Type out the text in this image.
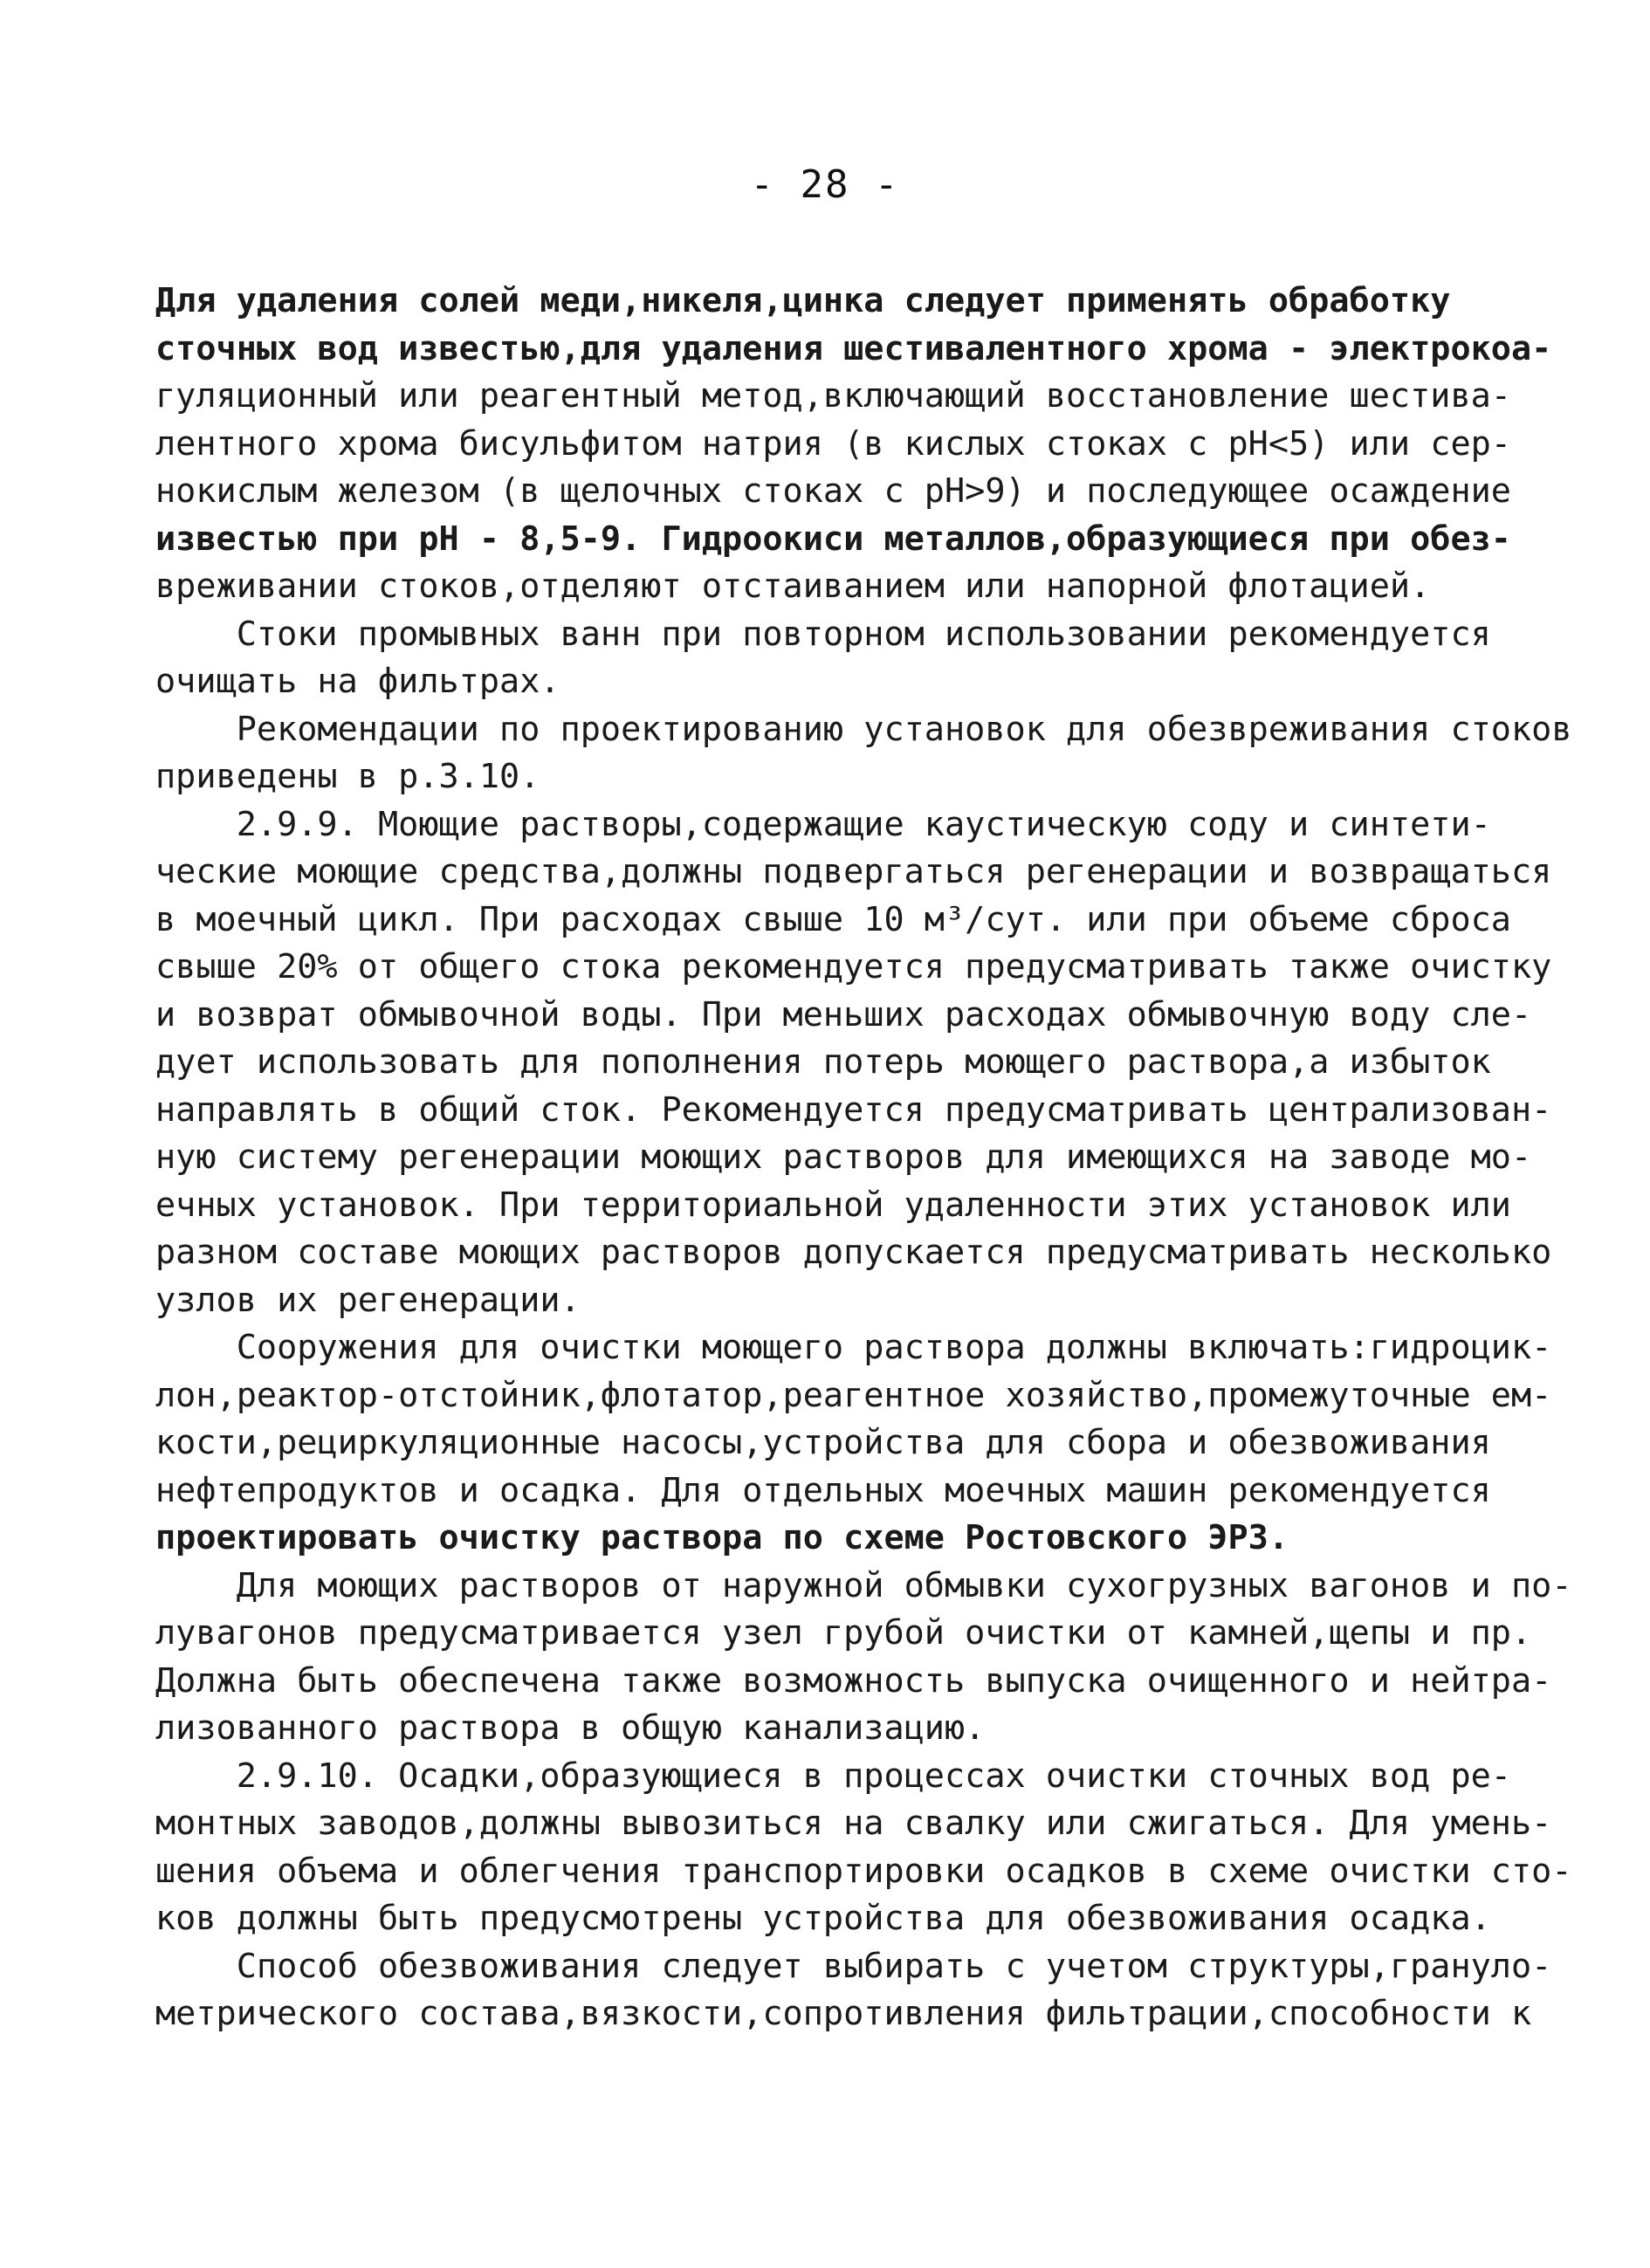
- 28 -
Для удаления солей меди,никеля,цинка следует применять обработку
сточных вод известью,для удаления шестивалентного хрома - электрокоа-
гуляционный или реагентный метод,включающий восстановление шестива-
лентного хрома бисульфитом натрия (в кислых стоках с рН<5) или сер-
нокислым железом (в щелочных стоках с рН>9) и последующее осаждение
известью при рН - 8,5-9. Гидроокиси металлов,образующиеся при обез-
вреживании стоков,отделяют отстаиванием или напорной флотацией.
Стоки промывных ванн при повторном использовании рекомендуется
очищать на фильтрах.
Рекомендации по проектированию установок для обезвреживания стоков
приведены в р.3.10.
2.9.9. Моющие растворы,содержащие каустическую соду и синтети-
ческие моющие средства,должны подвергаться регенерации и возвращаться
в моечный цикл. При расходах свыше 10 м³/сут. или при объеме сброса
свыше 20% от общего стока рекомендуется предусматривать также очистку
и возврат обмывочной воды. При меньших расходах обмывочную воду сле-
дует использовать для пополнения потерь моющего раствора,а избыток
направлять в общий сток. Рекомендуется предусматривать централизован-
ную систему регенерации моющих растворов для имеющихся на заводе мо-
ечных установок. При территориальной удаленности этих установок или
разном составе моющих растворов допускается предусматривать несколько
узлов их регенерации.
Сооружения для очистки моющего раствора должны включать:гидроцик-
лон,реактор-отстойник,флотатор,реагентное хозяйство,промежуточные ем-
кости,рециркуляционные насосы,устройства для сбора и обезвоживания
нефтепродуктов и осадка. Для отдельных моечных машин рекомендуется
проектировать очистку раствора по схеме Ростовского ЭРЗ.
Для моющих растворов от наружной обмывки сухогрузных вагонов и по-
лувагонов предусматривается узел грубой очистки от камней,щепы и пр.
Должна быть обеспечена также возможность выпуска очищенного и нейтра-
лизованного раствора в общую канализацию.
2.9.10. Осадки,образующиеся в процессах очистки сточных вод ре-
монтных заводов,должны вывозиться на свалку или сжигаться. Для умень-
шения объема и облегчения транспортировки осадков в схеме очистки сто-
ков должны быть предусмотрены устройства для обезвоживания осадка.
Способ обезвоживания следует выбирать с учетом структуры,грануло-
метрического состава,вязкости,сопротивления фильтрации,способности к
